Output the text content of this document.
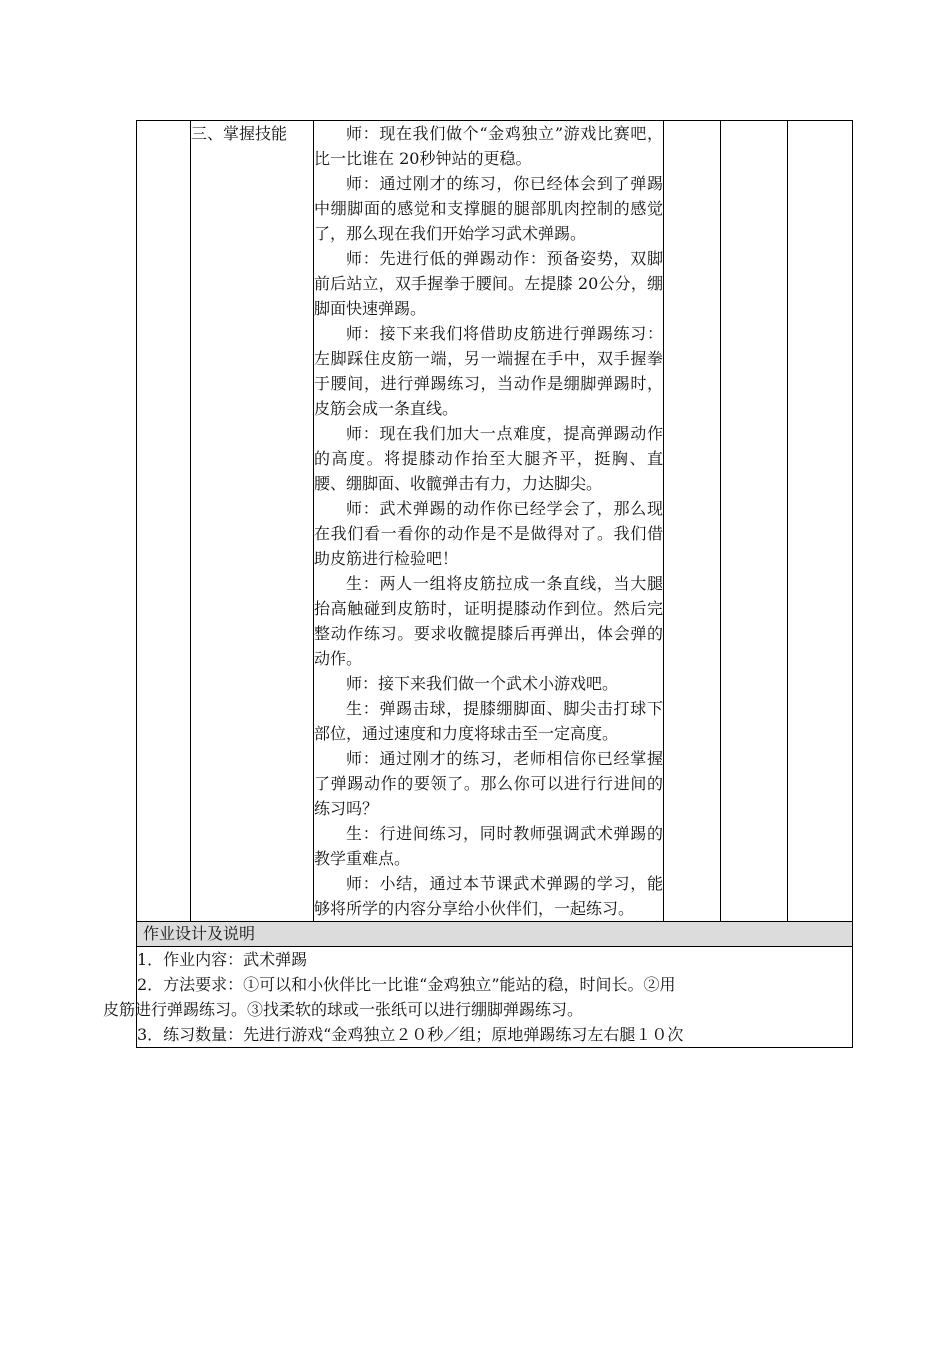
	三、掌握技能	师：现在我们做个“金鸡独立”游戏比赛吧，比一比谁在 20秒钟站的更稳。

师：通过刚才的练习，你已经体会到了弹踢中绷脚面的感觉和支撑腿的腿部肌肉控制的感觉了，那么现在我们开始学习武术弹踢。

师：先进行低的弹踢动作：预备姿势，双脚前后站立，双手握拳于腰间。左提膝 20公分，绷脚面快速弹踢。

师：接下来我们将借助皮筋进行弹踢练习：左脚踩住皮筋一端，另一端握在手中，双手握拳于腰间，进行弹踢练习，当动作是绷脚弹踢时，皮筋会成一条直线。

师：现在我们加大一点难度，提高弹踢动作的高度。将提膝动作抬至大腿齐平，挺胸、直腰、绷脚面、收髋弹击有力，力达脚尖。

师：武术弹踢的动作你已经学会了，那么现在我们看一看你的动作是不是做得对了。我们借助皮筋进行检验吧！

生：两人一组将皮筋拉成一条直线，当大腿抬高触碰到皮筋时，证明提膝动作到位。然后完整动作练习。要求收髋提膝后再弹出，体会弹的动作。

师：接下来我们做一个武术小游戏吧。

生：弹踢击球，提膝绷脚面、脚尖击打球下部位，通过速度和力度将球击至一定高度。

师：通过刚才的练习，老师相信你已经掌握了弹踢动作的要领了。那么你可以进行行进间的练习吗？

生：行进间练习，同时教师强调武术弹踢的教学重难点。

师：小结，通过本节课武术弹踢的学习，能够将所学的内容分享给小伙伴们，一起练习。

作业设计及说明

1．作业内容：武术弹踢

2．方法要求：①可以和小伙伴比一比谁“金鸡独立”能站的稳，时间长。②用

皮筋进行弹踢练习。③找柔软的球或一张纸可以进行绷脚弹踢练习。

3．练习数量：先进行游戏“金鸡独立２０秒／组；原地弹踢练习左右腿１０次
